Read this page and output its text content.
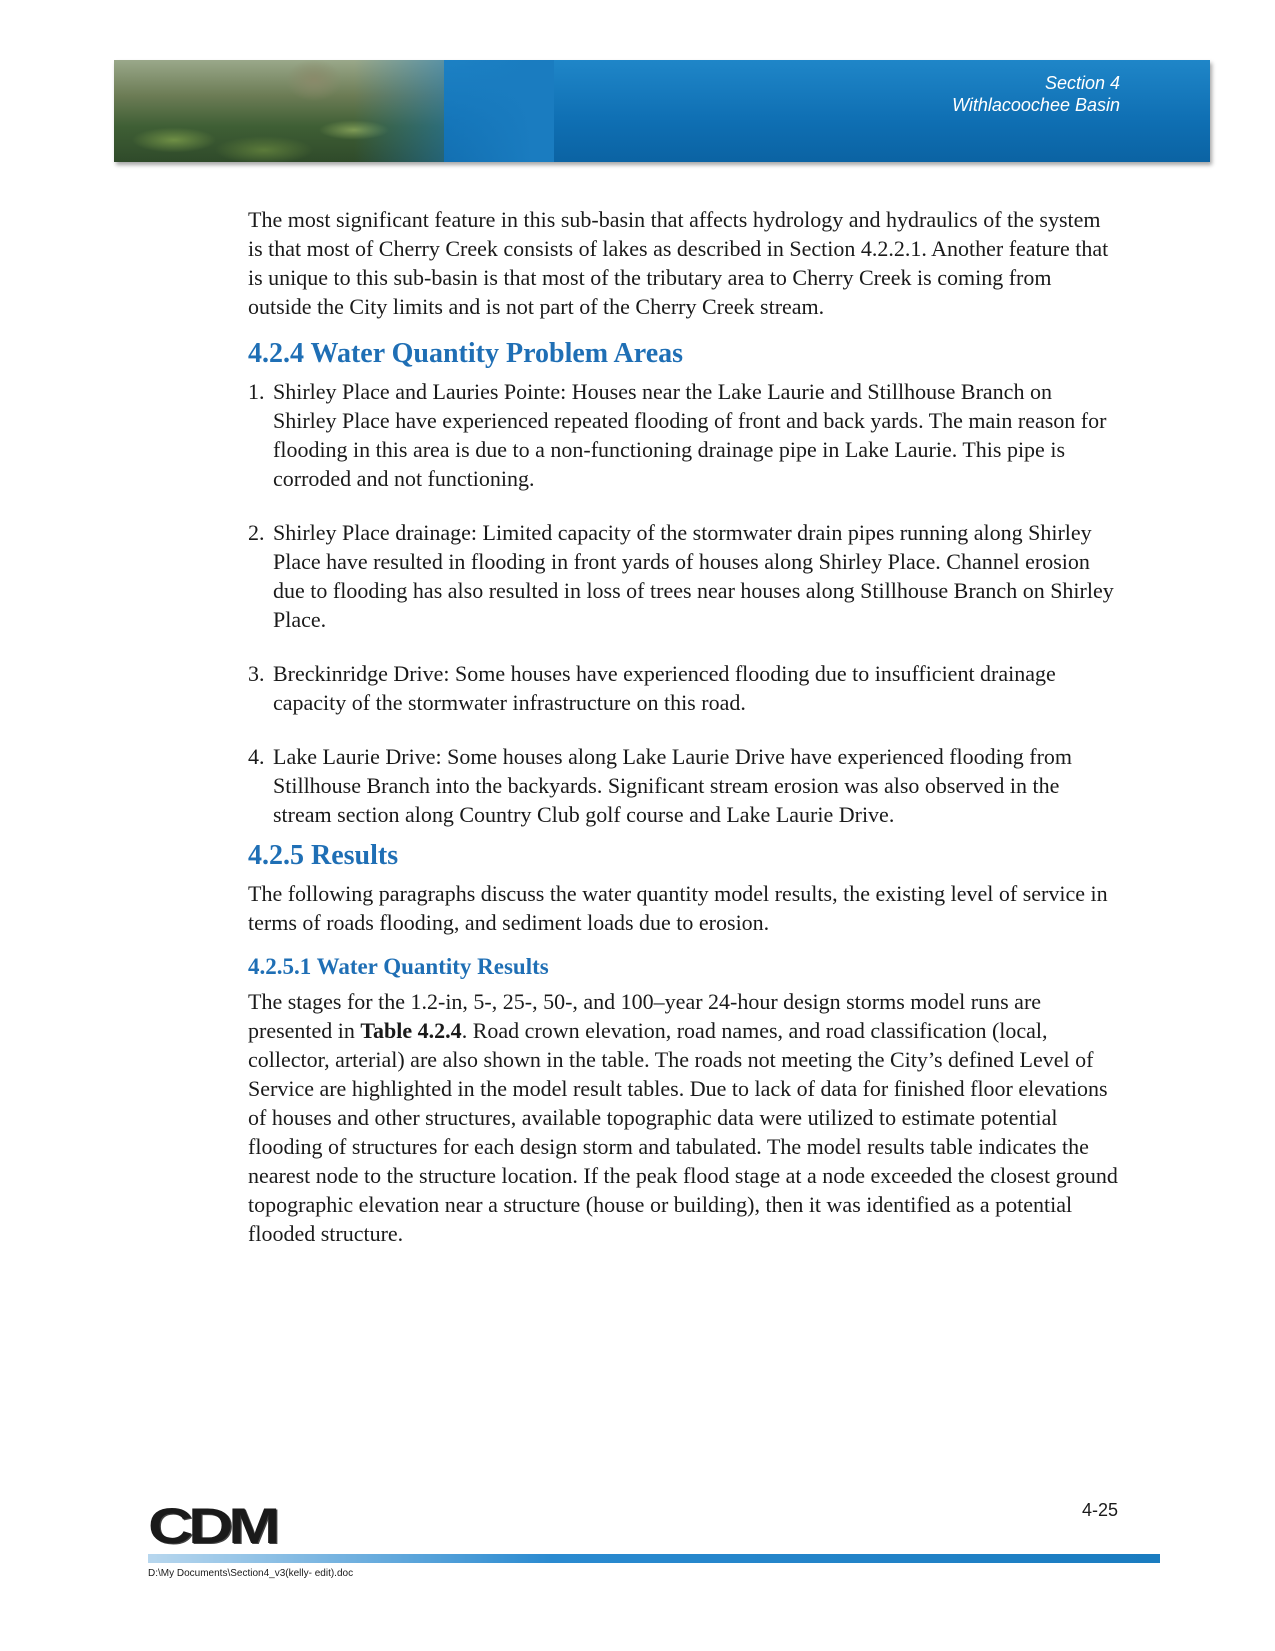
Section 4
Withlacoochee Basin

The most significant feature in this sub-basin that affects hydrology and hydraulics of the system is that most of Cherry Creek consists of lakes as described in Section 4.2.2.1. Another feature that is unique to this sub-basin is that most of the tributary area to Cherry Creek is coming from outside the City limits and is not part of the Cherry Creek stream.

4.2.4 Water Quantity Problem Areas
1. Shirley Place and Lauries Pointe: Houses near the Lake Laurie and Stillhouse Branch on Shirley Place have experienced repeated flooding of front and back yards. The main reason for flooding in this area is due to a non-functioning drainage pipe in Lake Laurie. This pipe is corroded and not functioning.
2. Shirley Place drainage: Limited capacity of the stormwater drain pipes running along Shirley Place have resulted in flooding in front yards of houses along Shirley Place. Channel erosion due to flooding has also resulted in loss of trees near houses along Stillhouse Branch on Shirley Place.
3. Breckinridge Drive: Some houses have experienced flooding due to insufficient drainage capacity of the stormwater infrastructure on this road.
4. Lake Laurie Drive: Some houses along Lake Laurie Drive have experienced flooding from Stillhouse Branch into the backyards. Significant stream erosion was also observed in the stream section along Country Club golf course and Lake Laurie Drive.
4.2.5 Results

The following paragraphs discuss the water quantity model results, the existing level of service in terms of roads flooding, and sediment loads due to erosion.

4.2.5.1 Water Quantity Results

The stages for the 1.2-in, 5-, 25-, 50-, and 100–year 24-hour design storms model runs are presented in Table 4.2.4. Road crown elevation, road names, and road classification (local, collector, arterial) are also shown in the table. The roads not meeting the City’s defined Level of Service are highlighted in the model result tables. Due to lack of data for finished floor elevations of houses and other structures, available topographic data were utilized to estimate potential flooding of structures for each design storm and tabulated. The model results table indicates the nearest node to the structure location. If the peak flood stage at a node exceeded the closest ground topographic elevation near a structure (house or building), then it was identified as a potential flooded structure.

CDM	4-25
D:\My Documents\Section4_v3(kelly- edit).doc
